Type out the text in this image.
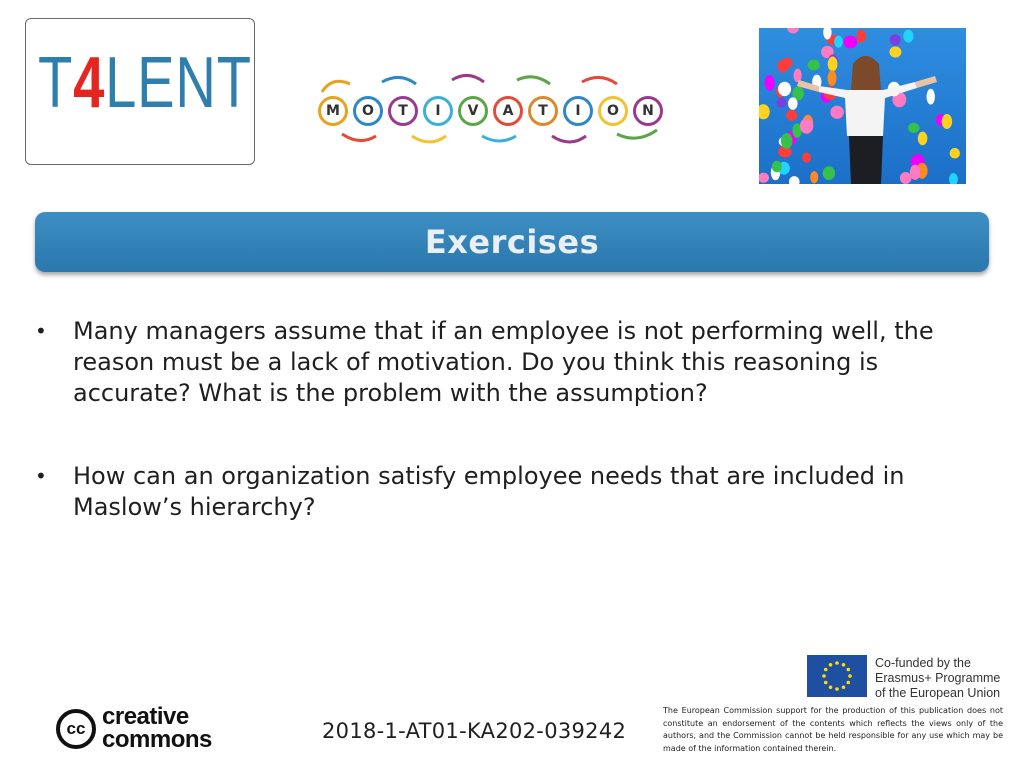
T4LENT	M	O	T	I	V	A	T	I	O	N
Exercises
• Many managers assume that if an employee is not performing well, the reason must be a lack of motivation. Do you think this reasoning is accurate? What is the problem with the assumption?
• How can an organization satisfy employee needs that are included in Maslow’s hierarchy?
cc creative
commons	2018-1-AT01-KA202-039242
Co-funded by the
Erasmus+ Programme
of the European Union
The European Commission support for the production of this publication does not constitute an endorsement of the contents which reflects the views only of the authors, and the Commission cannot be held responsible for any use which may be made of the information contained therein.
